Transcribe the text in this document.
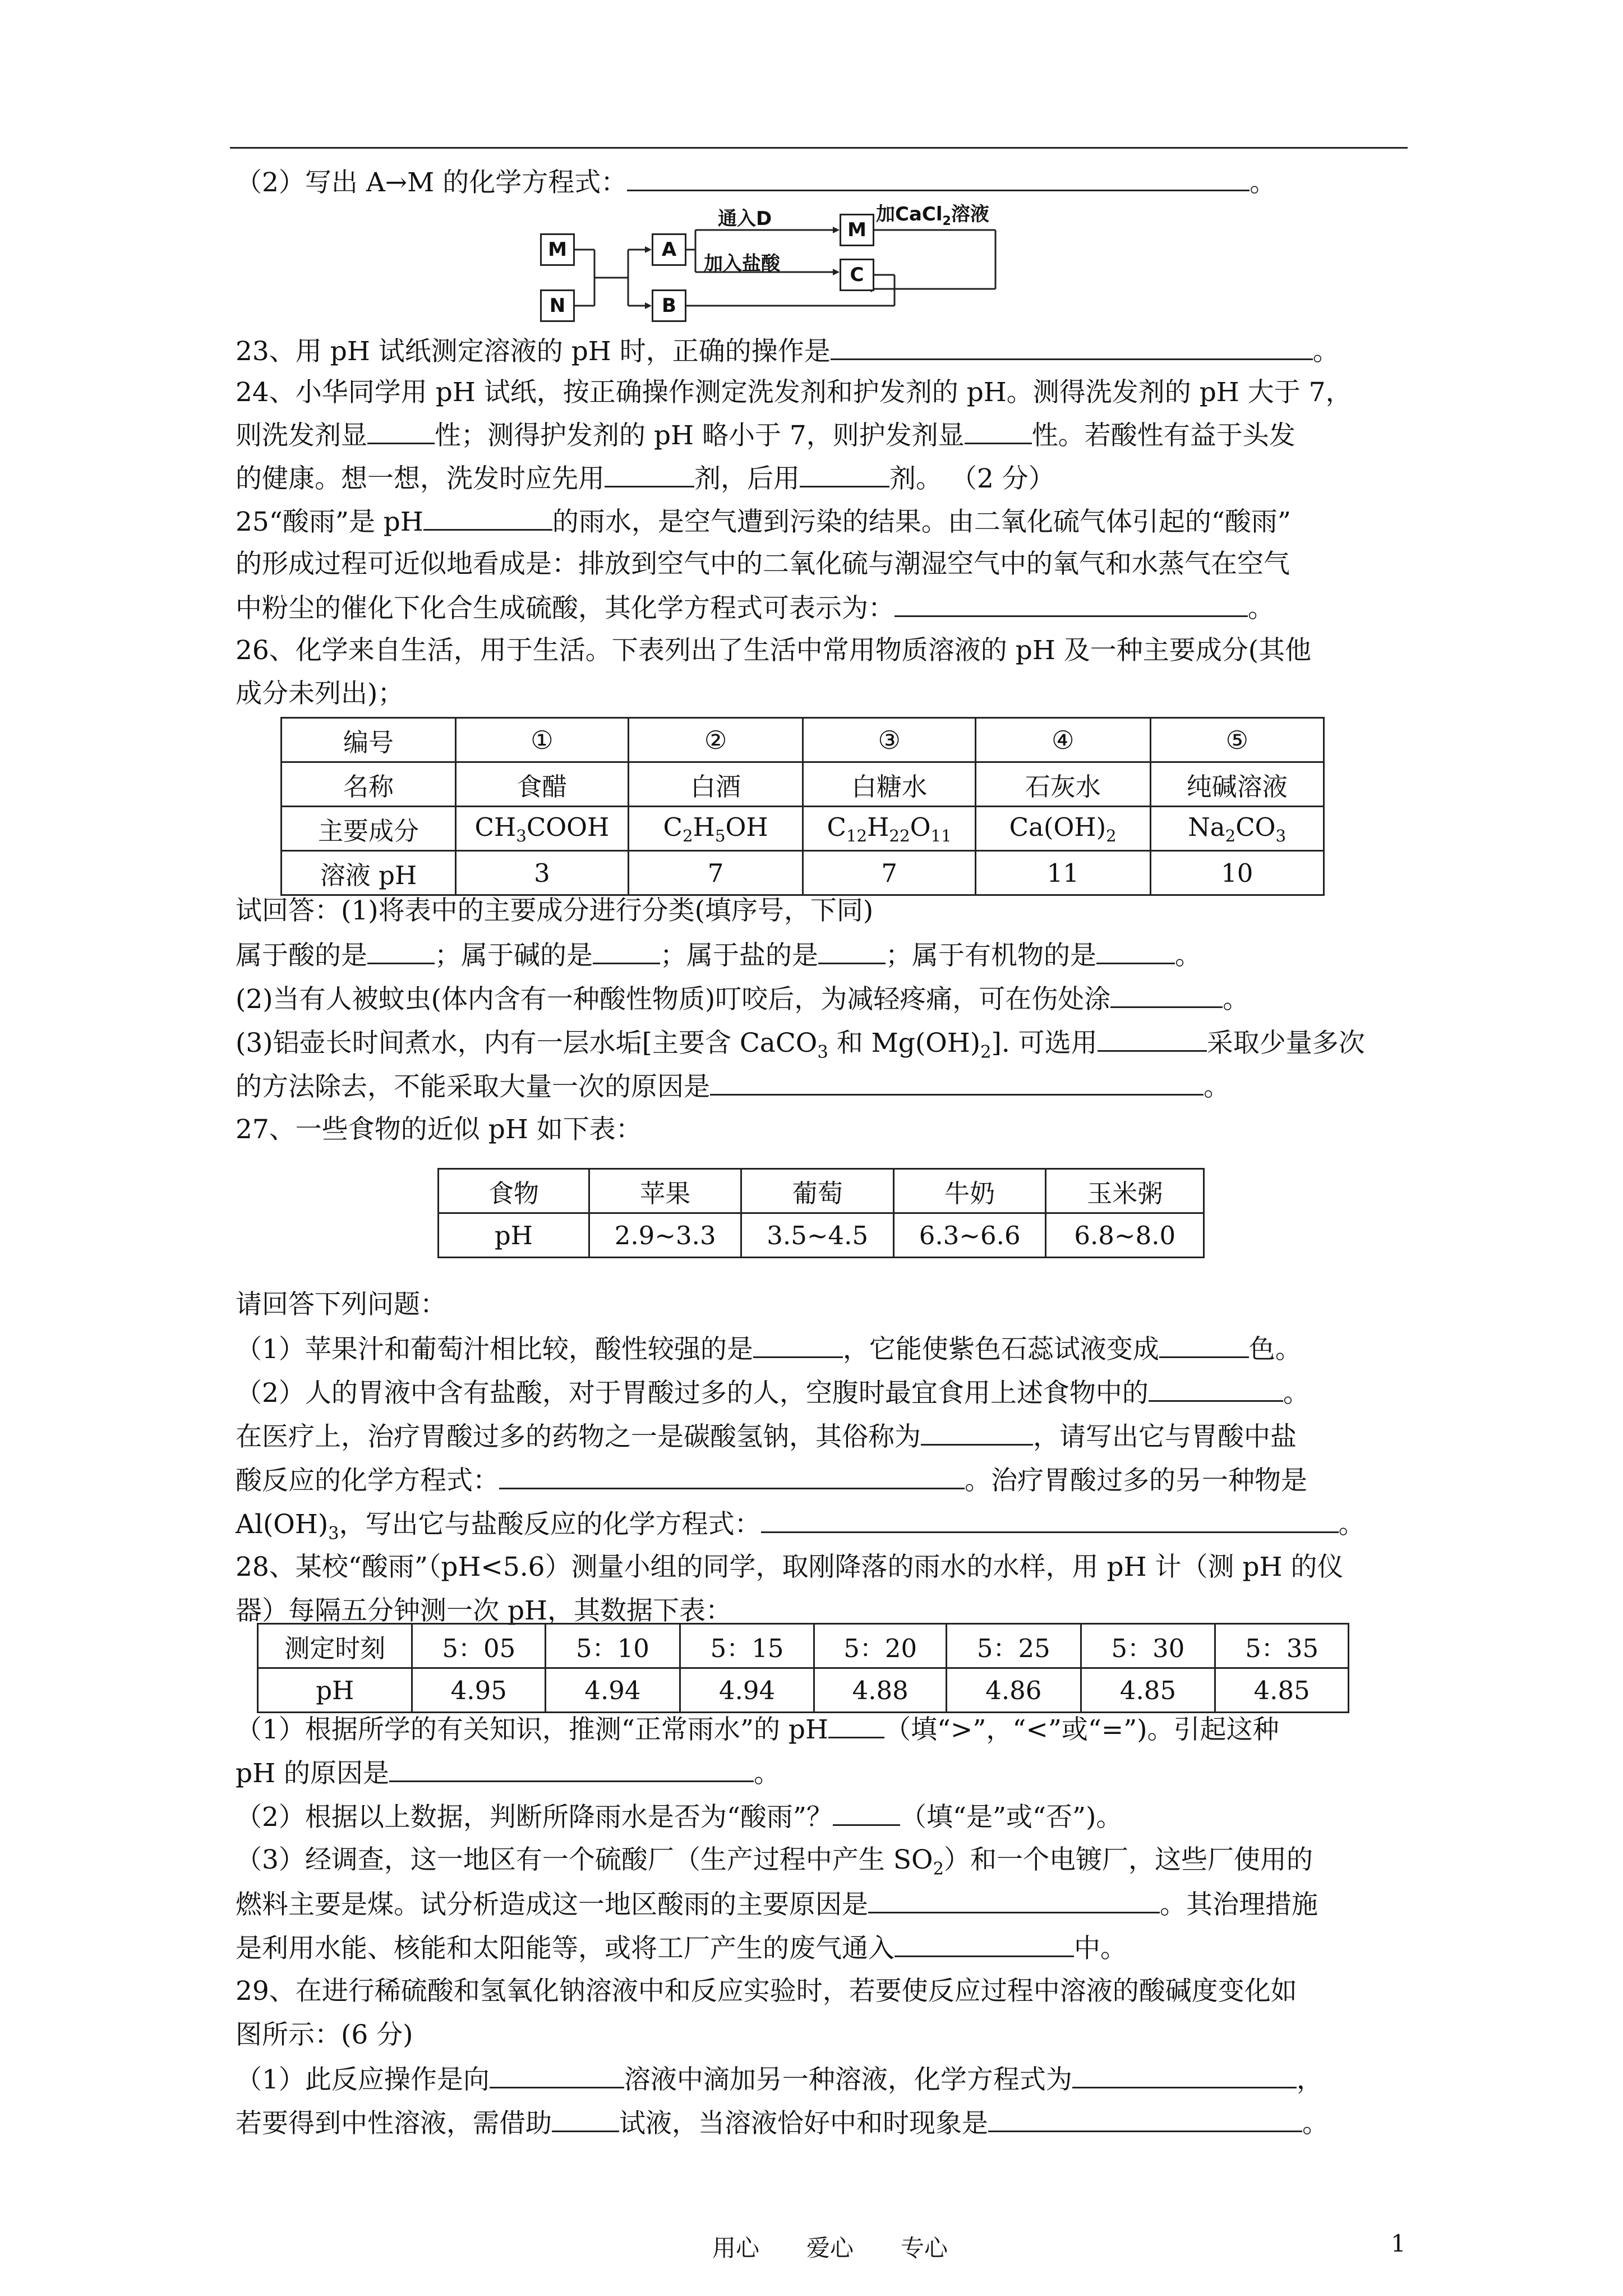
（2）写出 A→M 的化学方程式：	。
M
N
A
B
M
C
通入D
加入盐酸
加CaCl$_2$溶液
23、用 pH 试纸测定溶液的 pH 时，正确的操作是	。
24、小华同学用 pH 试纸，按正确操作测定洗发剂和护发剂的 pH。测得洗发剂的 pH 大于 7，
则洗发剂显	性；测得护发剂的 pH 略小于 7，则护发剂显	性。若酸性有益于头发
的健康。想一想，洗发时应先用	剂，后用	剂。 （2 分）
25“酸雨”是 pH	的雨水，是空气遭到污染的结果。由二氧化硫气体引起的“酸雨”
的形成过程可近似地看成是：排放到空气中的二氧化硫与潮湿空气中的氧气和水蒸气在空气
中粉尘的催化下化合生成硫酸，其化学方程式可表示为：	。
26、化学来自生活，用于生活。下表列出了生活中常用物质溶液的 pH 及一种主要成分(其他
成分未列出)；
编号	①	②	③	④	⑤
名称	食醋	白酒	白糖水	石灰水	纯碱溶液
主要成分	$CH_3COOH$	$C_2H_5OH$	$C_{12}H_{22}O_{11}$	$Ca(OH)_2$	$Na_2CO_3$
溶液 pH	3	7	7	11	10
试回答：(1)将表中的主要成分进行分类(填序号，下同)
属于酸的是	；属于碱的是	；属于盐的是	；属于有机物的是	。
(2)当有人被蚊虫(体内含有一种酸性物质)叮咬后，为减轻疼痛，可在伤处涂	。
(3)铝壶长时间煮水，内有一层水垢[主要含 CaCO$_3$ 和 $Mg(OH)_2$]. 可选用	采取少量多次
的方法除去，不能采取大量一次的原因是	。
27、一些食物的近似 pH 如下表：
食物	苹果	葡萄	牛奶	玉米粥
pH	2.9~3.3	3.5~4.5	6.3~6.6	6.8~8.0
请回答下列问题：
（1）苹果汁和葡萄汁相比较，酸性较强的是	，它能使紫色石蕊试液变成	色。
（2）人的胃液中含有盐酸，对于胃酸过多的人，空腹时最宜食用上述食物中的	。
在医疗上，治疗胃酸过多的药物之一是碳酸氢钠，其俗称为	，请写出它与胃酸中盐
酸反应的化学方程式：	。治疗胃酸过多的另一种物是
$Al(OH)_3$，写出它与盐酸反应的化学方程式：	。
28、某校“酸雨”（pH<5.6）测量小组的同学，取刚降落的雨水的水样，用 pH 计（测 pH 的仪
器）每隔五分钟测一次 pH，其数据下表：
测定时刻	5：05	5：10	5：15	5：20	5：25	5：30	5：35
pH	4.95	4.94	4.94	4.88	4.86	4.85	4.85
（1）根据所学的有关知识，推测“正常雨水”的 pH （填“>”，“<”或“=”)。引起这种
pH 的原因是	。
（2）根据以上数据，判断所降雨水是否为“酸雨”？	（填“是”或“否”)。
（3）经调查，这一地区有一个硫酸厂（生产过程中产生 $SO_2$）和一个电镀厂，这些厂使用的
燃料主要是煤。试分析造成这一地区酸雨的主要原因是	。其治理措施
是利用水能、核能和太阳能等，或将工厂产生的废气通入	中。
29、在进行稀硫酸和氢氧化钠溶液中和反应实验时，若要使反应过程中溶液的酸碱度变化如
图所示：(6 分)
（1）此反应操作是向	溶液中滴加另一种溶液，化学方程式为	，
若要得到中性溶液，需借助	试液，当溶液恰好中和时现象是	。
用心　　爱心　　专心	1
